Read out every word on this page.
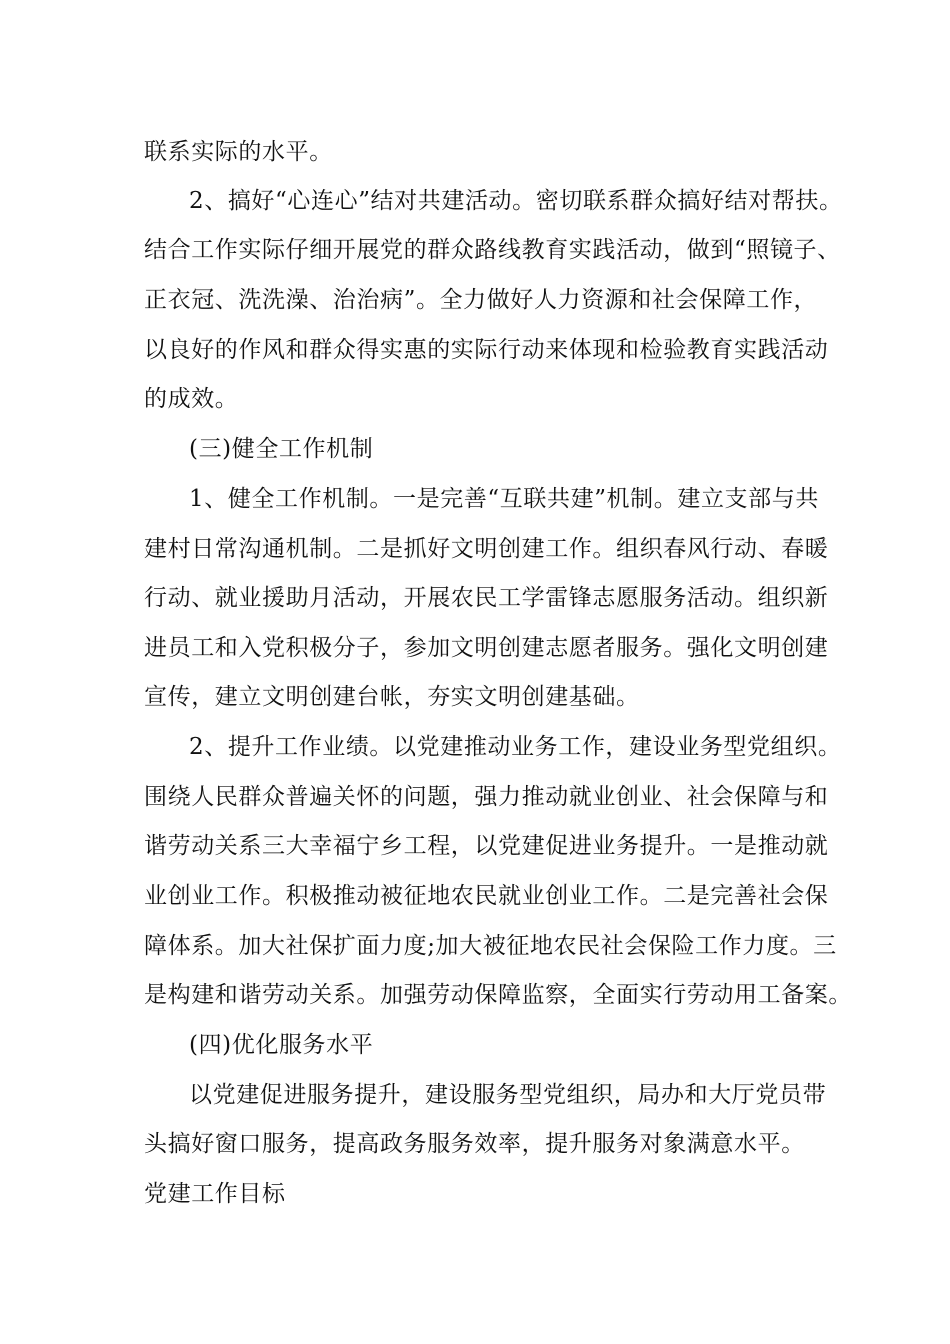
联系实际的水平。
2、搞好“心连心”结对共建活动。密切联系群众搞好结对帮扶。
结合工作实际仔细开展党的群众路线教育实践活动，做到“照镜子、
正衣冠、洗洗澡、治治病”。全力做好人力资源和社会保障工作，
以良好的作风和群众得实惠的实际行动来体现和检验教育实践活动
的成效。
(三)健全工作机制
1、健全工作机制。一是完善“互联共建”机制。建立支部与共
建村日常沟通机制。二是抓好文明创建工作。组织春风行动、春暖
行动、就业援助月活动，开展农民工学雷锋志愿服务活动。组织新
进员工和入党积极分子，参加文明创建志愿者服务。强化文明创建
宣传，建立文明创建台帐，夯实文明创建基础。
2、提升工作业绩。以党建推动业务工作，建设业务型党组织。
围绕人民群众普遍关怀的问题，强力推动就业创业、社会保障与和
谐劳动关系三大幸福宁乡工程，以党建促进业务提升。一是推动就
业创业工作。积极推动被征地农民就业创业工作。二是完善社会保
障体系。加大社保扩面力度;加大被征地农民社会保险工作力度。三
是构建和谐劳动关系。加强劳动保障监察，全面实行劳动用工备案。
(四)优化服务水平
以党建促进服务提升，建设服务型党组织，局办和大厅党员带
头搞好窗口服务，提高政务服务效率，提升服务对象满意水平。
党建工作目标
